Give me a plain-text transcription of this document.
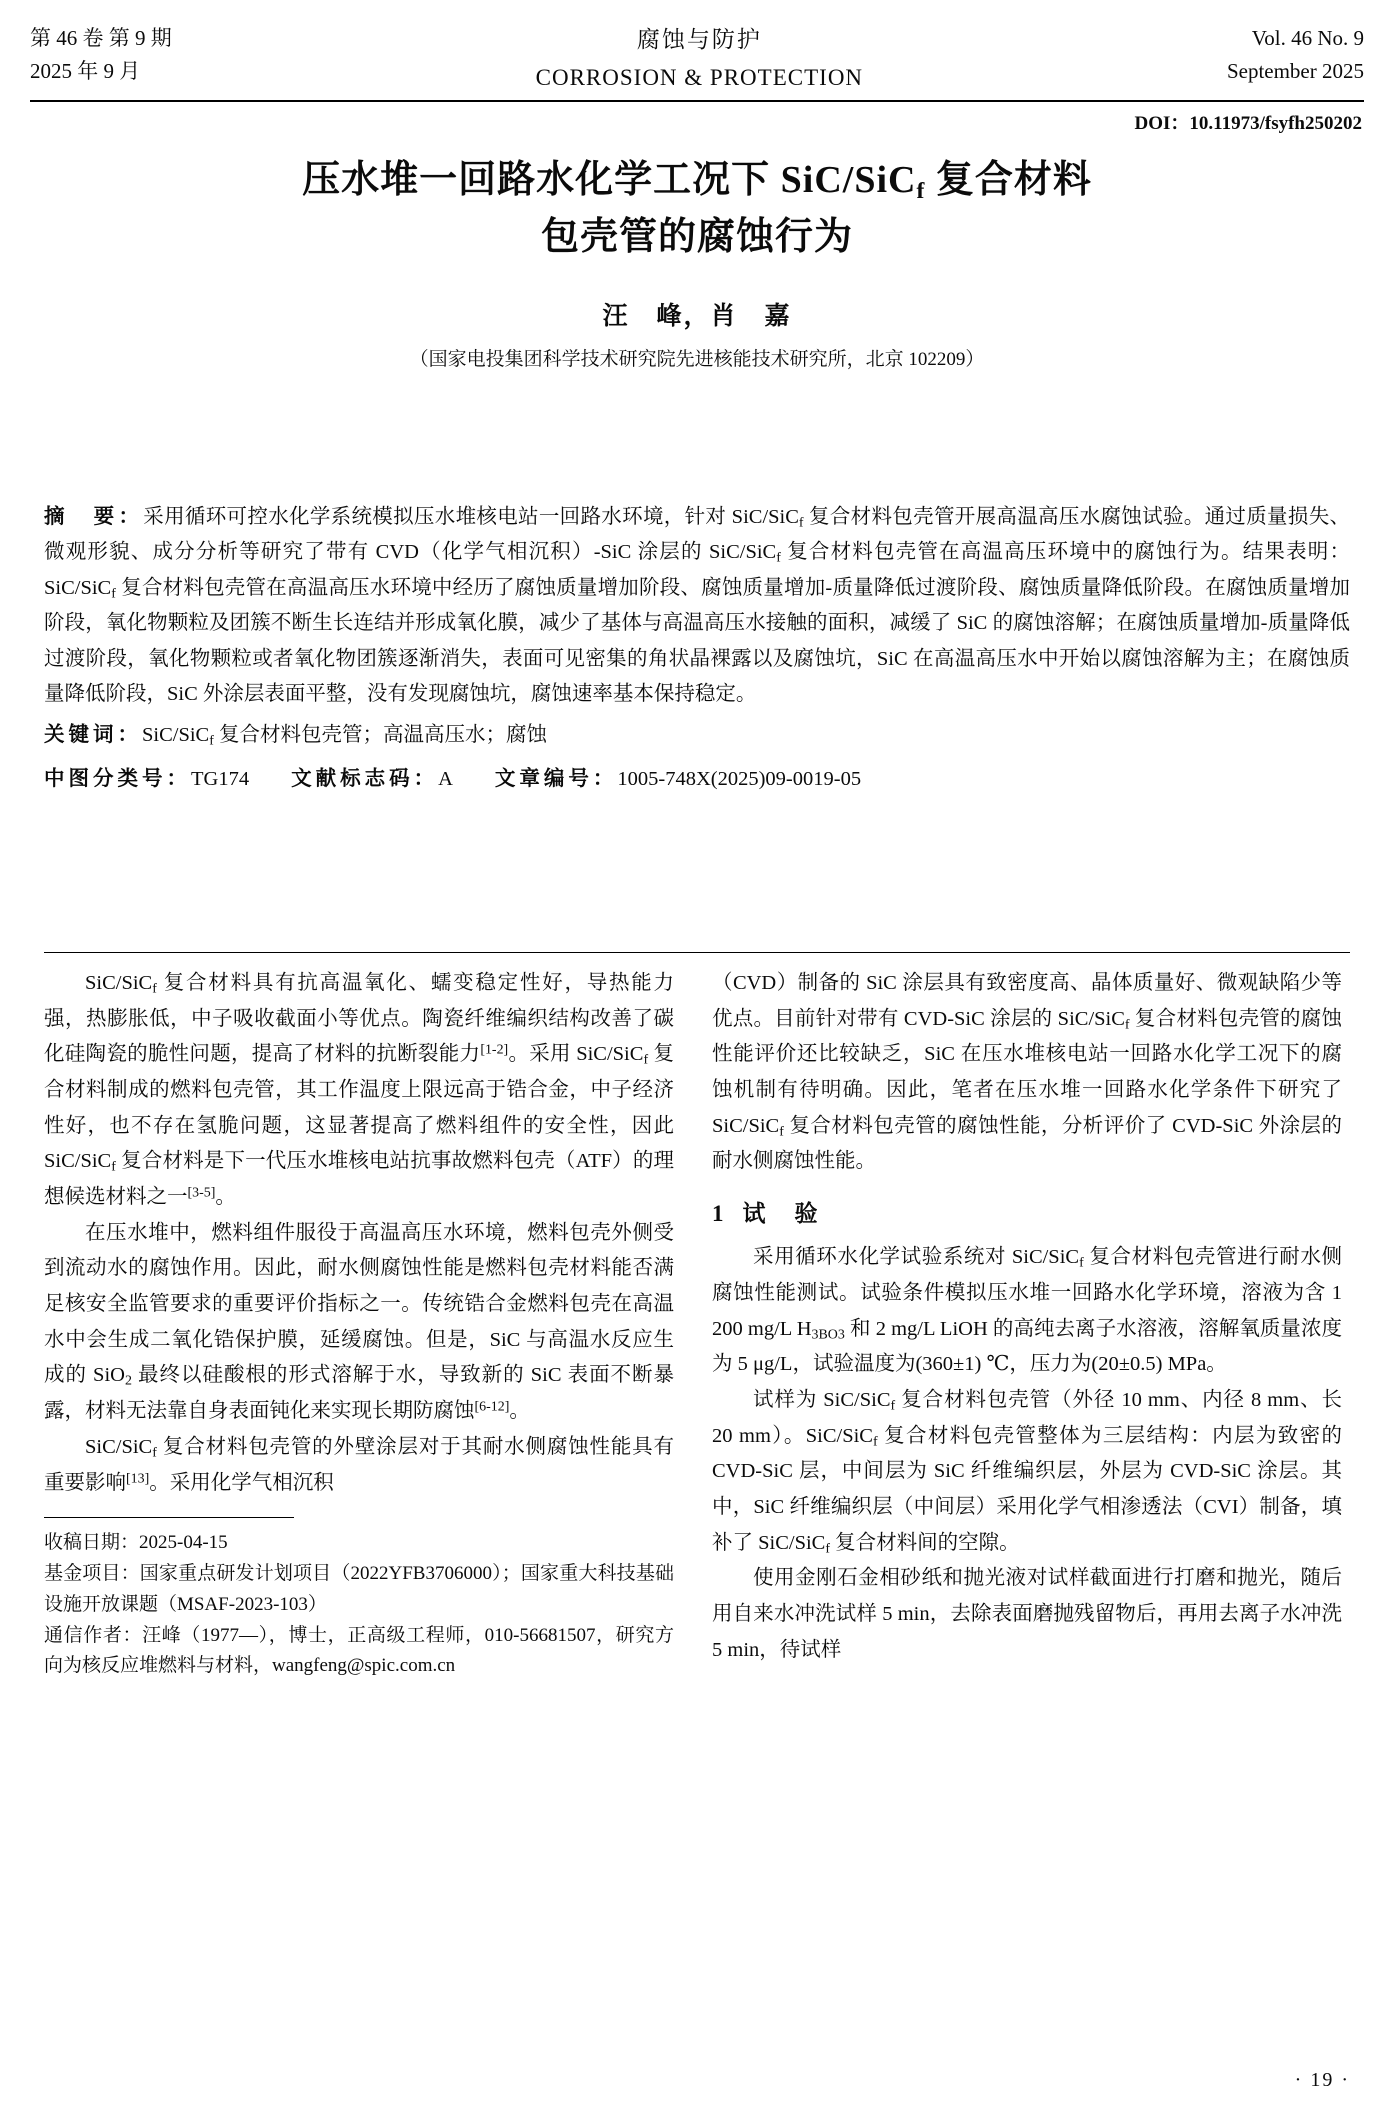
第 46 卷 第 9 期
2025 年 9 月
腐蚀与防护
CORROSION & PROTECTION
Vol. 46 No. 9
September 2025
DOI：10.11973/fsyfh250202
压水堆一回路水化学工况下 SiC/SiC$_f$ 复合材料
包壳管的腐蚀行为
汪　峰，肖　嘉
（国家电投集团科学技术研究院先进核能技术研究所，北京 102209）
摘　要：采用循环可控水化学系统模拟压水堆核电站一回路水环境，针对 SiC/SiC$_f$ 复合材料包壳管开展高温高压水腐蚀试验。通过质量损失、微观形貌、成分分析等研究了带有 CVD（化学气相沉积）-SiC 涂层的 SiC/SiC$_f$ 复合材料包壳管在高温高压环境中的腐蚀行为。结果表明：SiC/SiC$_f$ 复合材料包壳管在高温高压水环境中经历了腐蚀质量增加阶段、腐蚀质量增加-质量降低过渡阶段、腐蚀质量降低阶段。在腐蚀质量增加阶段，氧化物颗粒及团簇不断生长连结并形成氧化膜，减少了基体与高温高压水接触的面积，减缓了 SiC 的腐蚀溶解；在腐蚀质量增加-质量降低过渡阶段，氧化物颗粒或者氧化物团簇逐渐消失，表面可见密集的角状晶裸露以及腐蚀坑，SiC 在高温高压水中开始以腐蚀溶解为主；在腐蚀质量降低阶段，SiC 外涂层表面平整，没有发现腐蚀坑，腐蚀速率基本保持稳定。
关键词：SiC/SiC$_f$ 复合材料包壳管；高温高压水；腐蚀
中图分类号：TG174 文献标志码：A 文章编号：1005-748X(2025)09-0019-05

SiC/SiC$_f$ 复合材料具有抗高温氧化、蠕变稳定性好，导热能力强，热膨胀低，中子吸收截面小等优点。陶瓷纤维编织结构改善了碳化硅陶瓷的脆性问题，提高了材料的抗断裂能力[1-2]。采用 SiC/SiC$_f$ 复合材料制成的燃料包壳管，其工作温度上限远高于锆合金，中子经济性好，也不存在氢脆问题，这显著提高了燃料组件的安全性，因此 SiC/SiC$_f$ 复合材料是下一代压水堆核电站抗事故燃料包壳（ATF）的理想候选材料之一[3-5]。

在压水堆中，燃料组件服役于高温高压水环境，燃料包壳外侧受到流动水的腐蚀作用。因此，耐水侧腐蚀性能是燃料包壳材料能否满足核安全监管要求的重要评价指标之一。传统锆合金燃料包壳在高温水中会生成二氧化锆保护膜，延缓腐蚀。但是，SiC 与高温水反应生成的 SiO$_2$ 最终以硅酸根的形式溶解于水，导致新的 SiC 表面不断暴露，材料无法靠自身表面钝化来实现长期防腐蚀[6-12]。

SiC/SiC$_f$ 复合材料包壳管的外壁涂层对于其耐水侧腐蚀性能具有重要影响[13]。采用化学气相沉积

收稿日期：2025-04-15
基金项目：国家重点研发计划项目（2022YFB3706000）；国家重大科技基础设施开放课题（MSAF-2023-103）
通信作者：汪峰（1977—），博士，正高级工程师，010-56681507，研究方向为核反应堆燃料与材料，wangfeng@spic.com.cn

（CVD）制备的 SiC 涂层具有致密度高、晶体质量好、微观缺陷少等优点。目前针对带有 CVD-SiC 涂层的 SiC/SiC$_f$ 复合材料包壳管的腐蚀性能评价还比较缺乏，SiC 在压水堆核电站一回路水化学工况下的腐蚀机制有待明确。因此，笔者在压水堆一回路水化学条件下研究了 SiC/SiC$_f$ 复合材料包壳管的腐蚀性能，分析评价了 CVD-SiC 外涂层的耐水侧腐蚀性能。

1 试　验

采用循环水化学试验系统对 SiC/SiC$_f$ 复合材料包壳管进行耐水侧腐蚀性能测试。试验条件模拟压水堆一回路水化学环境，溶液为含 1 200 mg/L $H_{3BO3}$ 和 2 mg/L LiOH 的高纯去离子水溶液，溶解氧质量浓度为 5 μg/L，试验温度为(360±1) ℃，压力为(20±0.5) MPa。

试样为 SiC/SiC$_f$ 复合材料包壳管（外径 10 mm、内径 8 mm、长 20 mm）。SiC/SiC$_f$ 复合材料包壳管整体为三层结构：内层为致密的 CVD-SiC 层，中间层为 SiC 纤维编织层，外层为 CVD-SiC 涂层。其中，SiC 纤维编织层（中间层）采用化学气相渗透法（CVI）制备，填补了 SiC/SiC$_f$ 复合材料间的空隙。

使用金刚石金相砂纸和抛光液对试样截面进行打磨和抛光，随后用自来水冲洗试样 5 min，去除表面磨抛残留物后，再用去离子水冲洗 5 min，待试样

· 19 ·
